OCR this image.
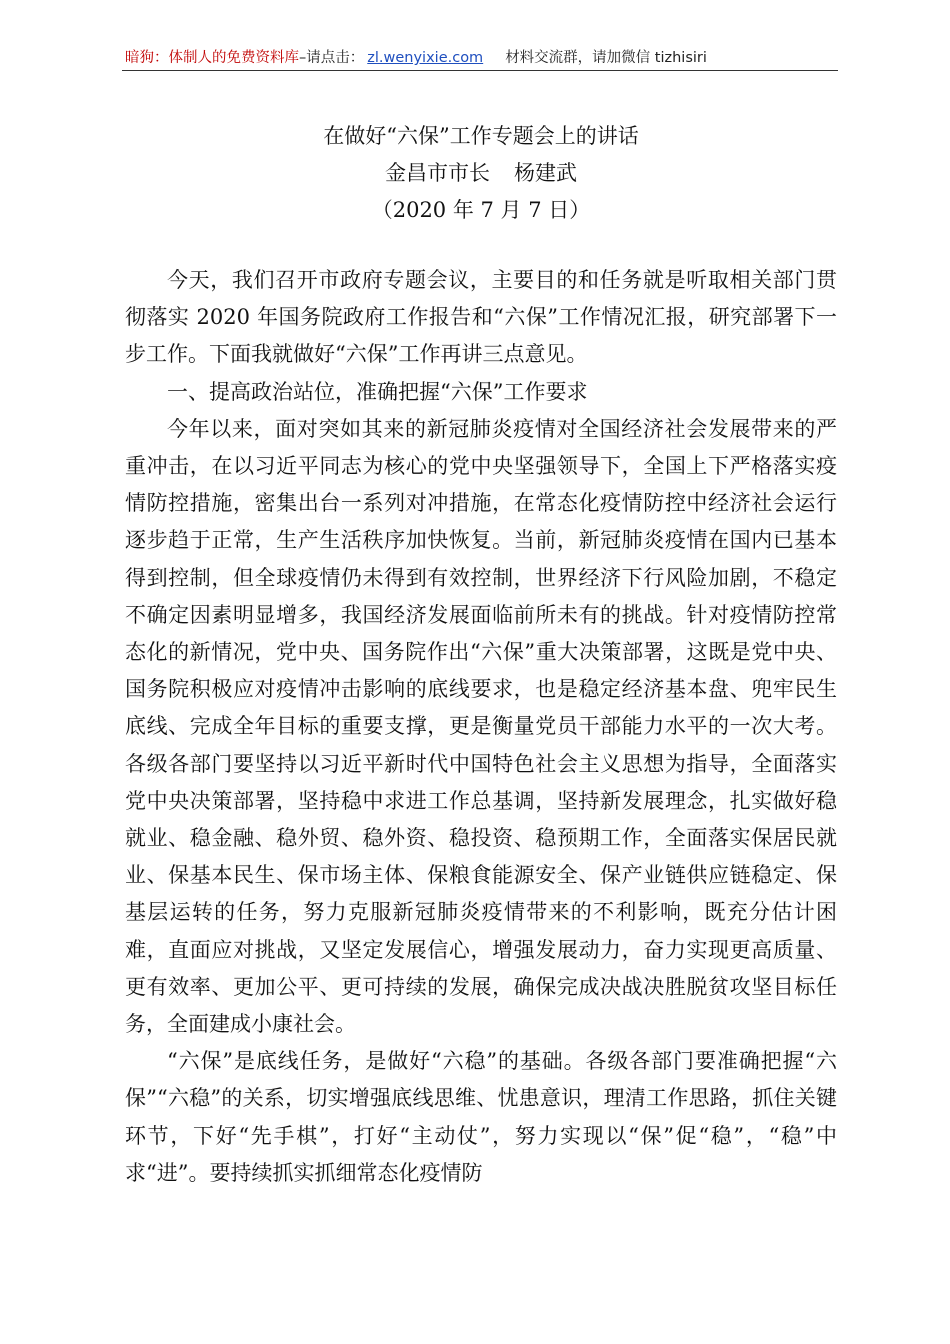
暗狗：体制人的免费资料库–请点击： zl.wenyixie.com 材料交流群，请加微信 tizhisiri
在做好“六保”工作专题会上的讲话
金昌市市长 杨建武
（2020 年 7 月 7 日）

今天，我们召开市政府专题会议，主要目的和任务就是听取相关部门贯彻落实 2020 年国务院政府工作报告和“六保”工作情况汇报，研究部署下一步工作。下面我就做好“六保”工作再讲三点意见。

一、提高政治站位，准确把握“六保”工作要求

今年以来，面对突如其来的新冠肺炎疫情对全国经济社会发展带来的严重冲击，在以习近平同志为核心的党中央坚强领导下，全国上下严格落实疫情防控措施，密集出台一系列对冲措施，在常态化疫情防控中经济社会运行逐步趋于正常，生产生活秩序加快恢复。当前，新冠肺炎疫情在国内已基本得到控制，但全球疫情仍未得到有效控制，世界经济下行风险加剧，不稳定不确定因素明显增多，我国经济发展面临前所未有的挑战。针对疫情防控常态化的新情况，党中央、国务院作出“六保”重大决策部署，这既是党中央、国务院积极应对疫情冲击影响的底线要求，也是稳定经济基本盘、兜牢民生底线、完成全年目标的重要支撑，更是衡量党员干部能力水平的一次大考。各级各部门要坚持以习近平新时代中国特色社会主义思想为指导，全面落实党中央决策部署，坚持稳中求进工作总基调，坚持新发展理念，扎实做好稳就业、稳金融、稳外贸、稳外资、稳投资、稳预期工作，全面落实保居民就业、保基本民生、保市场主体、保粮食能源安全、保产业链供应链稳定、保基层运转的任务，努力克服新冠肺炎疫情带来的不利影响，既充分估计困难，直面应对挑战，又坚定发展信心，增强发展动力，奋力实现更高质量、更有效率、更加公平、更可持续的发展，确保完成决战决胜脱贫攻坚目标任务，全面建成小康社会。

“六保”是底线任务，是做好“六稳”的基础。各级各部门要准确把握“六保”“六稳”的关系，切实增强底线思维、忧患意识，理清工作思路，抓住关键环节，下好“先手棋”，打好“主动仗”，努力实现以“保”促“稳”，“稳”中求“进”。要持续抓实抓细常态化疫情防
